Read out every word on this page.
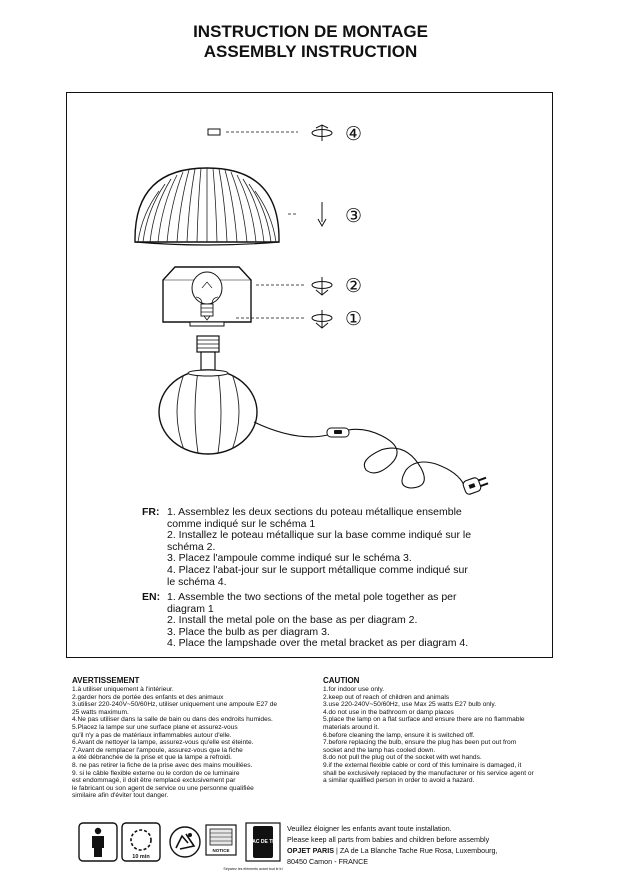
INSTRUCTION DE MONTAGE
ASSEMBLY INSTRUCTION
④
③
②
①
FR: 1. Assemblez les deux sections du poteau métallique ensemble
comme indiqué sur le schéma 1
2. Installez le poteau métallique sur la base comme indiqué sur le
schéma 2.
3. Placez l'ampoule comme indiqué sur le schéma 3.
4. Placez l'abat-jour sur le support métallique comme indiqué sur
le schéma 4.
EN: 1. Assemble the two sections of the metal pole together as per
diagram 1
2. Install the metal pole on the base as per diagram 2.
3. Place the bulb as per diagram 3.
4. Place the lampshade over the metal bracket as per diagram 4.
AVERTISSEMENT
1.à utiliser uniquement à l'intérieur.
2.garder hors de portée des enfants et des animaux
3.utiliser 220-240V~50/60Hz, utiliser uniquement une ampoule E27 de
25 watts maximum.
4.Ne pas utiliser dans la salle de bain ou dans des endroits humides.
5.Placez la lampe sur une surface plane et assurez-vous
qu'il n'y a pas de matériaux inflammables autour d'elle.
6.Avant de nettoyer la lampe, assurez-vous qu'elle est éteinte.
7.Avant de remplacer l'ampoule, assurez-vous que la fiche
a été débranchée de la prise et que la lampe a refroidi.
8. ne pas retirer la fiche de la prise avec des mains mouillées.
9. si le câble flexible externe ou le cordon de ce luminaire
est endommagé, il doit être remplacé exclusivement par
le fabricant ou son agent de service ou une personne qualifiée
similaire afin d'éviter tout danger.
CAUTION
1.for indoor use only.
2.keep out of reach of children and animals
3.use 220-240V~50/60Hz, use Max 25 watts E27 bulb only.
4.do not use in the bathroom or damp places
5.place the lamp on a flat surface and ensure there are no flammable
materials around it.
6.before cleaning the lamp, ensure it is switched off.
7.before replacing the bulb, ensure the plug has been put out from
socket and the lamp has cooled down.
8.do not pull the plug out of the socket with wet hands.
9.if the external flexible cable or cord of this luminaire is damaged, it
shall be exclusively replaced by the manufacturer or his service agent or
a similar qualified person in order to avoid a hazard.
10 min
NOTICE
BAC DE TRI
Séparez les éléments avant tout le tri
Veuillez éloigner les enfants avant toute installation.
Please keep all parts from babies and children before assembly
OPJET PARIS | ZA de La Blanche Tache Rue Rosa, Luxembourg,
80450 Camon - FRANCE
